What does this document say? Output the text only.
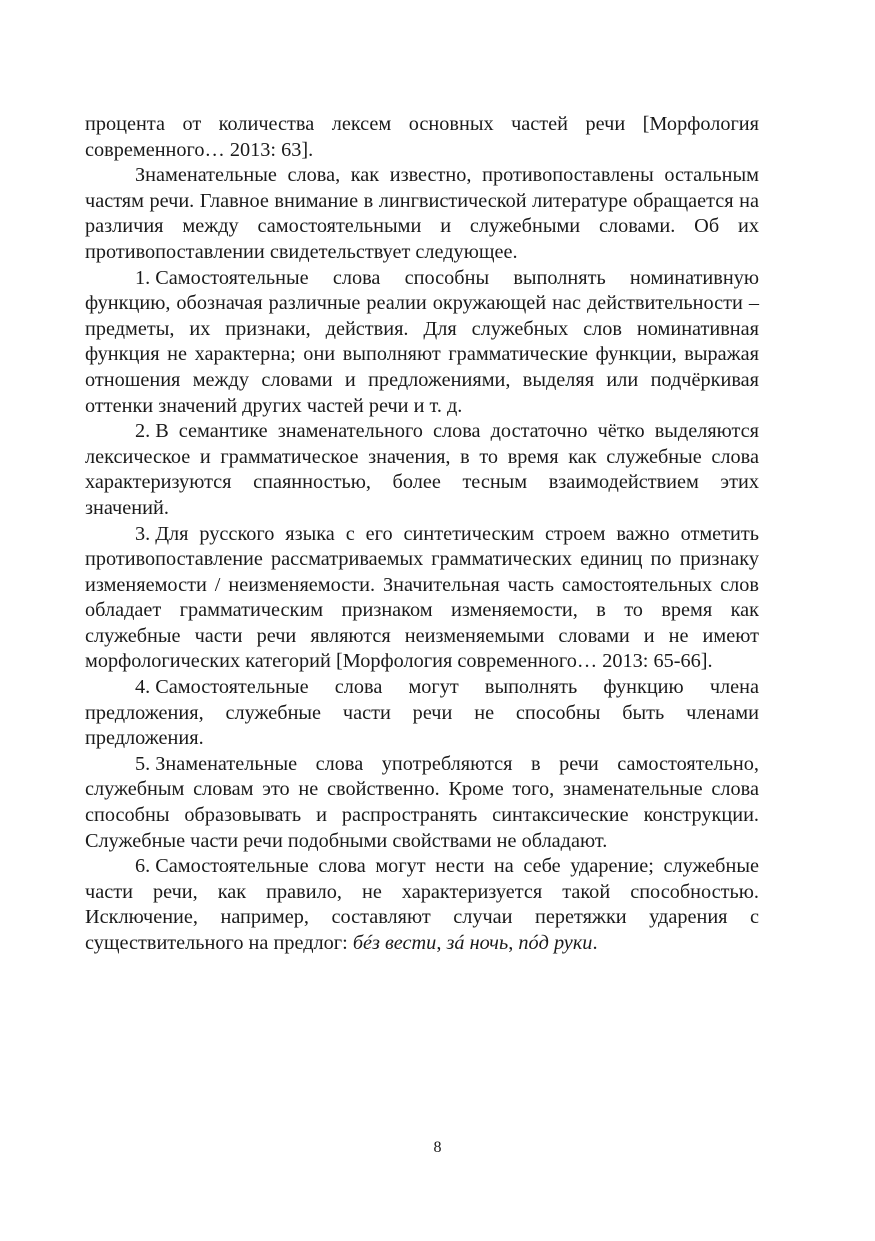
процента от количества лексем основных частей речи [Морфология современного… 2013: 63].

Знаменательные слова, как известно, противопоставлены остальным частям речи. Главное внимание в лингвистической литературе обращается на различия между самостоятельными и служебными словами. Об их противопоставлении свидетельствует следующее.

1. Самостоятельные слова способны выполнять номинативную функцию, обозначая различные реалии окружающей нас действительности – предметы, их признаки, действия. Для служебных слов номинативная функция не характерна; они выполняют грамматические функции, выражая отношения между словами и предложениями, выделяя или подчёркивая оттенки значений других частей речи и т. д.

2. В семантике знаменательного слова достаточно чётко выделяются лексическое и грамматическое значения, в то время как служебные слова характеризуются спаянностью, более тесным взаимодействием этих значений.

3. Для русского языка с его синтетическим строем важно отметить противопоставление рассматриваемых грамматических единиц по признаку изменяемости / неизменяемости. Значительная часть самостоятельных слов обладает грамматическим признаком изменяемости, в то время как служебные части речи являются неизменяемыми словами и не имеют морфологических категорий [Морфология современного… 2013: 65-66].

4. Самостоятельные слова могут выполнять функцию члена предложения, служебные части речи не способны быть членами предложения.

5. Знаменательные слова употребляются в речи самостоятельно, служебным словам это не свойственно. Кроме того, знаменательные слова способны образовывать и распространять синтаксические конструкции. Служебные части речи подобными свойствами не обладают.

6. Самостоятельные слова могут нести на себе ударение; служебные части речи, как правило, не характеризуется такой способностью. Исключение, например, составляют случаи перетяжки ударения с существительного на предлог: бéз вести, зá ночь, пóд руки.

8
